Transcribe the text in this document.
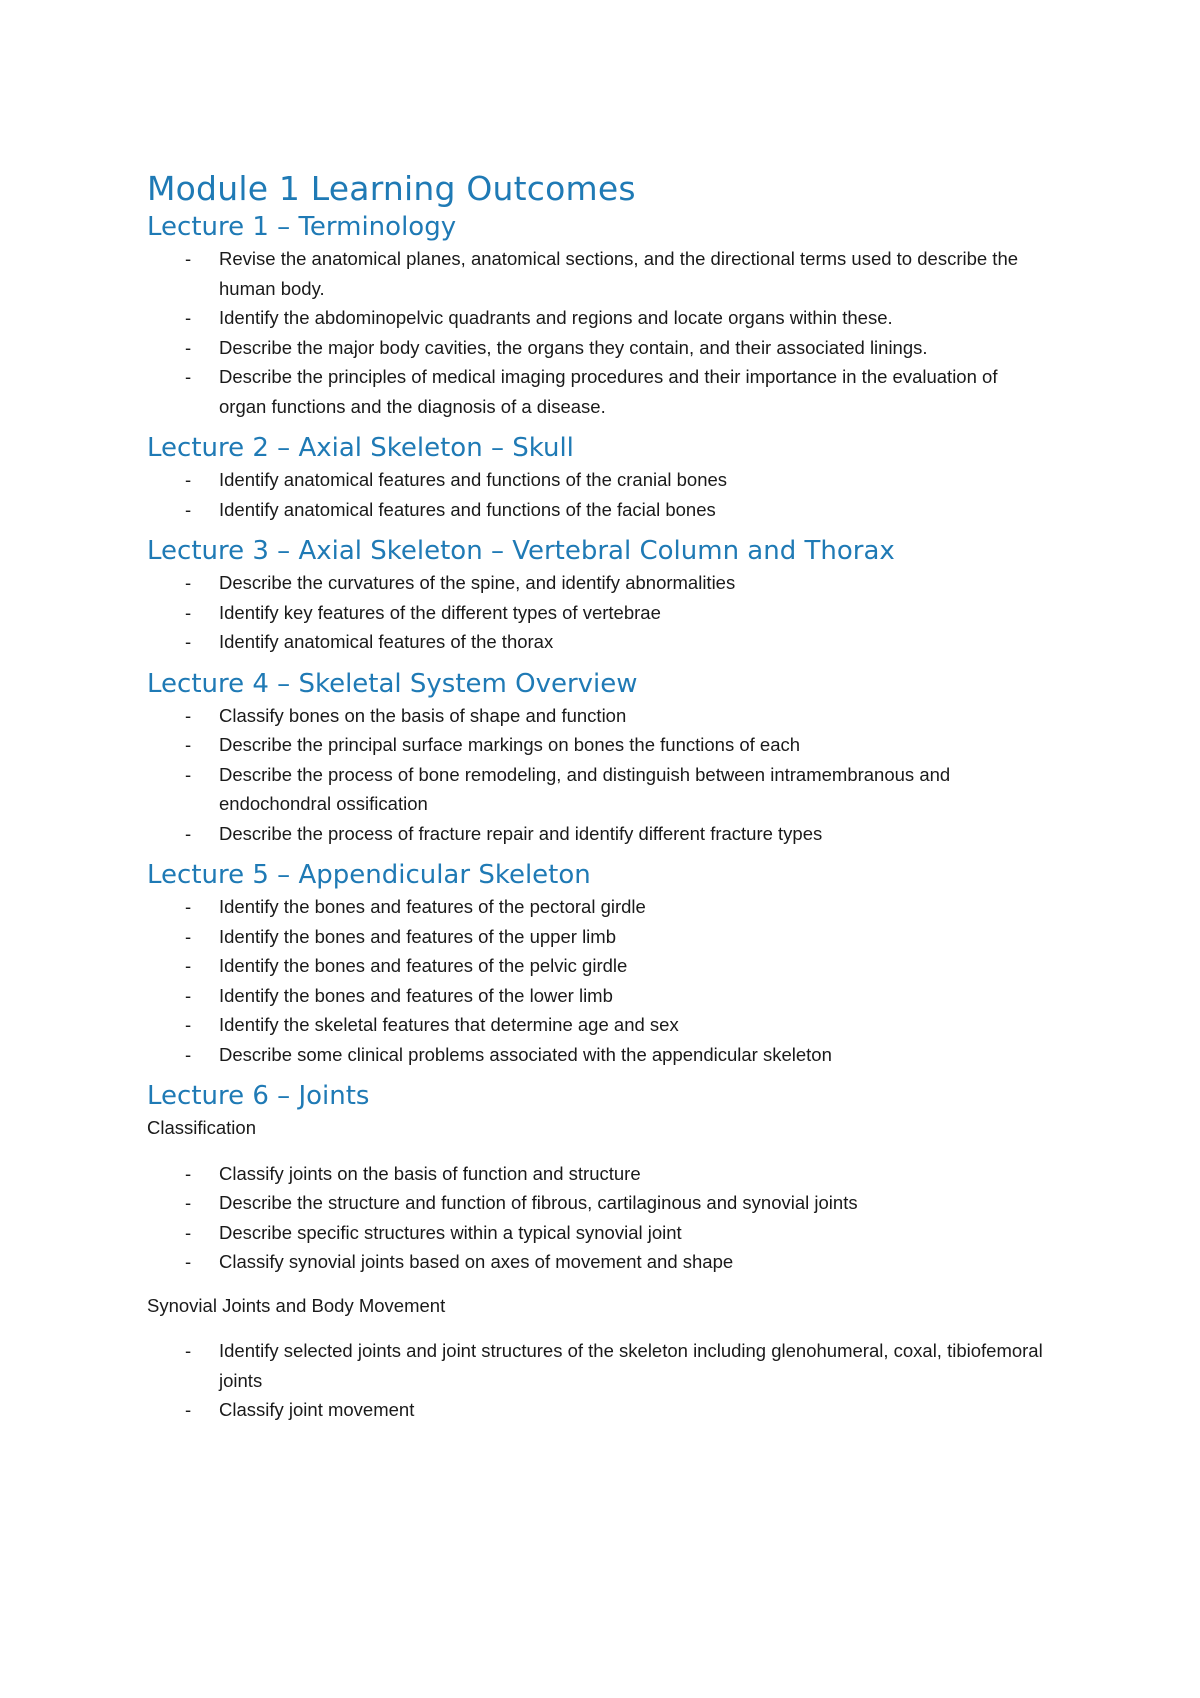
Module 1 Learning Outcomes
Lecture 1 – Terminology
- Revise the anatomical planes, anatomical sections, and the directional terms used to describe the human body.
- Identify the abdominopelvic quadrants and regions and locate organs within these.
- Describe the major body cavities, the organs they contain, and their associated linings.
- Describe the principles of medical imaging procedures and their importance in the evaluation of organ functions and the diagnosis of a disease.
Lecture 2 – Axial Skeleton – Skull
- Identify anatomical features and functions of the cranial bones
- Identify anatomical features and functions of the facial bones
Lecture 3 – Axial Skeleton – Vertebral Column and Thorax
- Describe the curvatures of the spine, and identify abnormalities
- Identify key features of the different types of vertebrae
- Identify anatomical features of the thorax
Lecture 4 – Skeletal System Overview
- Classify bones on the basis of shape and function
- Describe the principal surface markings on bones the functions of each
- Describe the process of bone remodeling, and distinguish between intramembranous and endochondral ossification
- Describe the process of fracture repair and identify different fracture types
Lecture 5 – Appendicular Skeleton
- Identify the bones and features of the pectoral girdle
- Identify the bones and features of the upper limb
- Identify the bones and features of the pelvic girdle
- Identify the bones and features of the lower limb
- Identify the skeletal features that determine age and sex
- Describe some clinical problems associated with the appendicular skeleton
Lecture 6 – Joints

Classification

- Classify joints on the basis of function and structure
- Describe the structure and function of fibrous, cartilaginous and synovial joints
- Describe specific structures within a typical synovial joint
- Classify synovial joints based on axes of movement and shape

Synovial Joints and Body Movement

- Identify selected joints and joint structures of the skeleton including glenohumeral, coxal, tibiofemoral joints
- Classify joint movement
